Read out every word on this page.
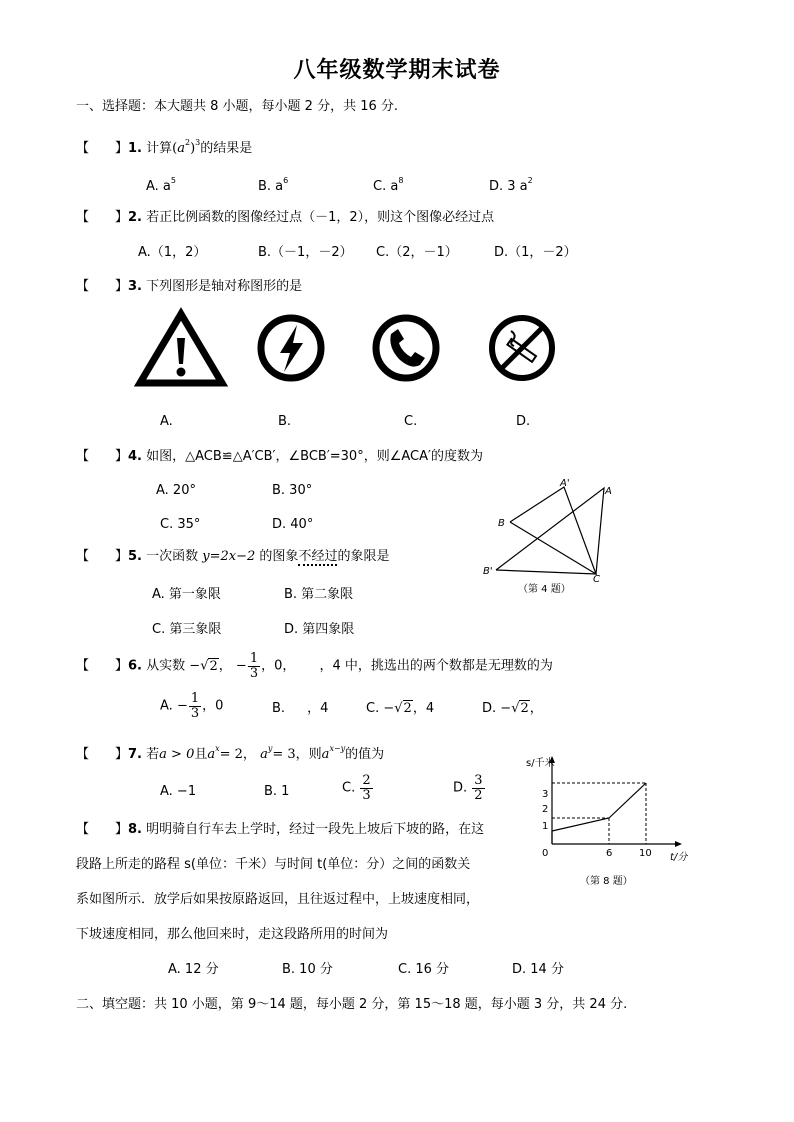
八年级数学期末试卷
一、选择题：本大题共 8 小题，每小题 2 分，共 16 分.
【　　】1. 计算$(a^2)^3$的结果是
A. $a^5$	B. $a^6$	C. $a^8$	D. 3 $a^2$
【　　】2. 若正比例函数的图像经过点（－1，2），则这个图像必经过点
A.（1，2）	B.（－1，－2） C.（2，－1）	D.（1，－2）
【　　】3. 下列图形是轴对称图形的是
A.	B.	C.	D.
【　　】4. 如图，△ACB≌△A′CB′，∠BCB′=30°，则∠ACA′的度数为
A. 20°	B. 30°
C. 35°	D. 40°
A'
A
B
B'
C
（第 4 题）
【　　】5. 一次函数 y=2x−2 的图象不经过的象限是
A. 第一象限	B. 第二象限
C. 第三象限	D. 第四象限
【　　】6. 从实数 −√2， − $\frac{1}{3}$ ，0， ，4 中，挑选出的两个数都是无理数的为
A. − $\frac{1}{3}$ ，0	B. ，4	C. −√2，4	D. −√2，
【　　】7. 若a > 0且$a^x= 2$， $a^y= 3$，则$a^{x-y}$的值为
A. −1	B. 1	C. $\frac{2}{3}$	D. $\frac{3}{2}$
s/千米
3
2
1
0	6	10 t/分
（第 8 题）
【　　】8. 明明骑自行车去上学时，经过一段先上坡后下坡的路，在这
段路上所走的路程 s(单位：千米）与时间 t(单位：分）之间的函数关
系如图所示．放学后如果按原路返回，且往返过程中，上坡速度相同，
下坡速度相同，那么他回来时，走这段路所用的时间为
A. 12 分	B. 10 分	C. 16 分	D. 14 分
二、填空题：共 10 小题，第 9～14 题，每小题 2 分，第 15～18 题，每小题 3 分，共 24 分.
